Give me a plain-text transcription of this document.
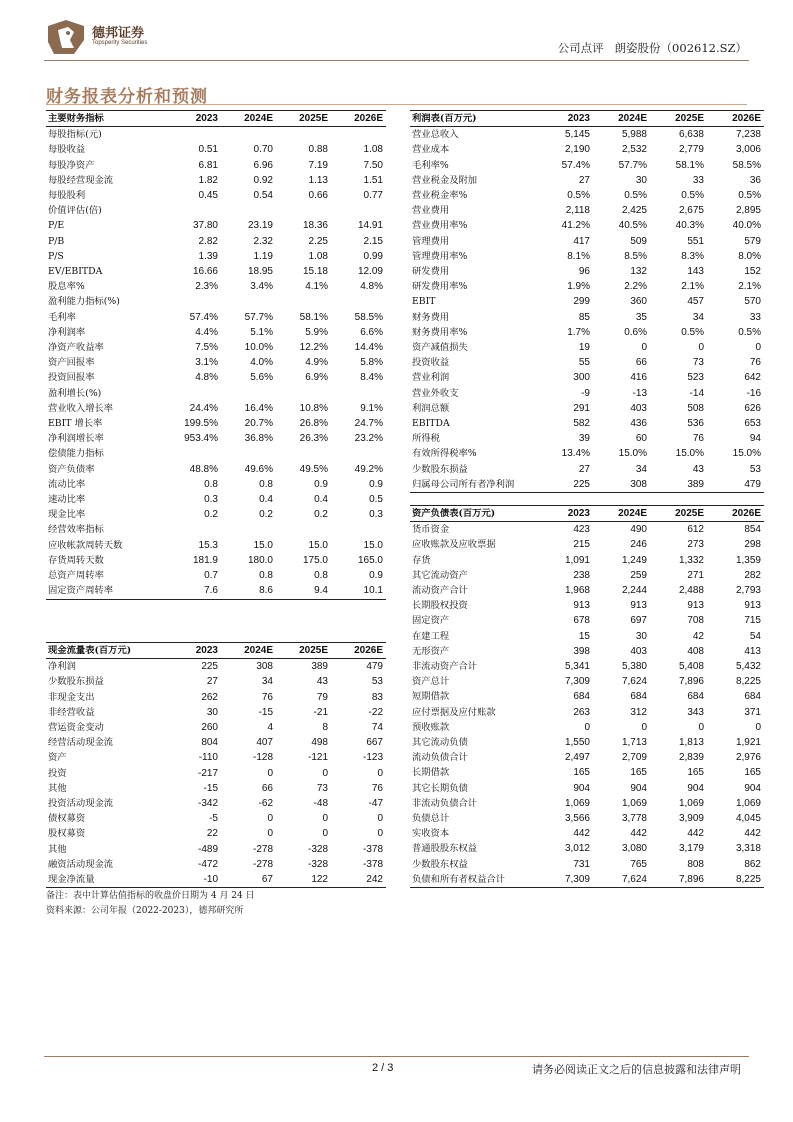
德邦证券
Topsperity Securities	公司点评 朗姿股份（002612.SZ）
财务报表分析和预测
主要财务指标	2023	2024E	2025E	2026E
每股指标(元)				
每股收益	0.51	0.70	0.88	1.08
每股净资产	6.81	6.96	7.19	7.50
每股经营现金流	1.82	0.92	1.13	1.51
每股股利	0.45	0.54	0.66	0.77
价值评估(倍)				
P/E	37.80	23.19	18.36	14.91
P/B	2.82	2.32	2.25	2.15
P/S	1.39	1.19	1.08	0.99
EV/EBITDA	16.66	18.95	15.18	12.09
股息率%	2.3%	3.4%	4.1%	4.8%
盈利能力指标(%)				
毛利率	57.4%	57.7%	58.1%	58.5%
净利润率	4.4%	5.1%	5.9%	6.6%
净资产收益率	7.5%	10.0%	12.2%	14.4%
资产回报率	3.1%	4.0%	4.9%	5.8%
投资回报率	4.8%	5.6%	6.9%	8.4%
盈利增长(%)				
营业收入增长率	24.4%	16.4%	10.8%	9.1%
EBIT 增长率	199.5%	20.7%	26.8%	24.7%
净利润增长率	953.4%	36.8%	26.3%	23.2%
偿债能力指标				
资产负债率	48.8%	49.6%	49.5%	49.2%
流动比率	0.8	0.8	0.9	0.9
速动比率	0.3	0.4	0.4	0.5
现金比率	0.2	0.2	0.2	0.3
经营效率指标				
应收帐款周转天数	15.3	15.0	15.0	15.0
存货周转天数	181.9	180.0	175.0	165.0
总资产周转率	0.7	0.8	0.8	0.9
固定资产周转率	7.6	8.6	9.4	10.1
利润表(百万元)	2023	2024E	2025E	2026E
营业总收入	5,145	5,988	6,638	7,238
营业成本	2,190	2,532	2,779	3,006
毛利率%	57.4%	57.7%	58.1%	58.5%
营业税金及附加	27	30	33	36
营业税金率%	0.5%	0.5%	0.5%	0.5%
营业费用	2,118	2,425	2,675	2,895
营业费用率%	41.2%	40.5%	40.3%	40.0%
管理费用	417	509	551	579
管理费用率%	8.1%	8.5%	8.3%	8.0%
研发费用	96	132	143	152
研发费用率%	1.9%	2.2%	2.1%	2.1%
EBIT	299	360	457	570
财务费用	85	35	34	33
财务费用率%	1.7%	0.6%	0.5%	0.5%
资产减值损失	19	0	0	0
投资收益	55	66	73	76
营业利润	300	416	523	642
营业外收支	-9	-13	-14	-16
利润总额	291	403	508	626
EBITDA	582	436	536	653
所得税	39	60	76	94
有效所得税率%	13.4%	15.0%	15.0%	15.0%
少数股东损益	27	34	43	53
归属母公司所有者净利润	225	308	389	479
现金流量表(百万元)	2023	2024E	2025E	2026E
净利润	225	308	389	479
少数股东损益	27	34	43	53
非现金支出	262	76	79	83
非经营收益	30	-15	-21	-22
营运资金变动	260	4	8	74
经营活动现金流	804	407	498	667
资产	-110	-128	-121	-123
投资	-217	0	0	0
其他	-15	66	73	76
投资活动现金流	-342	-62	-48	-47
债权募资	-5	0	0	0
股权募资	22	0	0	0
其他	-489	-278	-328	-378
融资活动现金流	-472	-278	-328	-378
现金净流量	-10	67	122	242
资产负债表(百万元)	2023	2024E	2025E	2026E
货币资金	423	490	612	854
应收账款及应收票据	215	246	273	298
存货	1,091	1,249	1,332	1,359
其它流动资产	238	259	271	282
流动资产合计	1,968	2,244	2,488	2,793
长期股权投资	913	913	913	913
固定资产	678	697	708	715
在建工程	15	30	42	54
无形资产	398	403	408	413
非流动资产合计	5,341	5,380	5,408	5,432
资产总计	7,309	7,624	7,896	8,225
短期借款	684	684	684	684
应付票据及应付账款	263	312	343	371
预收账款	0	0	0	0
其它流动负债	1,550	1,713	1,813	1,921
流动负债合计	2,497	2,709	2,839	2,976
长期借款	165	165	165	165
其它长期负债	904	904	904	904
非流动负债合计	1,069	1,069	1,069	1,069
负债总计	3,566	3,778	3,909	4,045
实收资本	442	442	442	442
普通股股东权益	3,012	3,080	3,179	3,318
少数股东权益	731	765	808	862
负债和所有者权益合计	7,309	7,624	7,896	8,225
备注：表中计算估值指标的收盘价日期为 4 月 24 日
资料来源：公司年报（2022-2023），德邦研究所
2 / 3	请务必阅读正文之后的信息披露和法律声明
